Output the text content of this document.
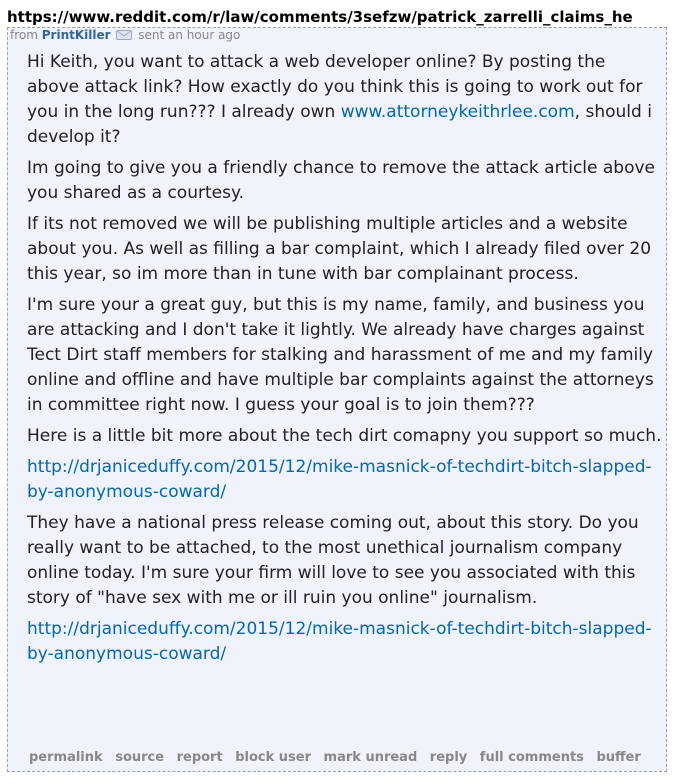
https://www.reddit.com/r/law/comments/3sefzw/patrick_zarrelli_claims_he
from PrintKiller sent an hour ago

Hi Keith, you want to attack a web developer online? By posting the above attack link? How exactly do you think this is going to work out for you in the long run??? I already own www.attorneykeithrlee.com, should i develop it?

Im going to give you a friendly chance to remove the attack article above you shared as a courtesy.

If its not removed we will be publishing multiple articles and a website about you. As well as filling a bar complaint, which I already filed over 20 this year, so im more than in tune with bar complainant process.

I'm sure your a great guy, but this is my name, family, and business you are attacking and I don't take it lightly. We already have charges against Tect Dirt staff members for stalking and harassment of me and my family online and offline and have multiple bar complaints against the attorneys in committee right now. I guess your goal is to join them???

Here is a little bit more about the tech dirt comapny you support so much.

http://drjaniceduffy.com/2015/12/mike-masnick-of-techdirt-bitch-slapped-by-anonymous-coward/

They have a national press release coming out, about this story. Do you really want to be attached, to the most unethical journalism company online today. I'm sure your firm will love to see you associated with this story of "have sex with me or ill ruin you online" journalism.

http://drjaniceduffy.com/2015/12/mike-masnick-of-techdirt-bitch-slapped-by-anonymous-coward/

permalink source report block user mark unread reply full comments buffer
